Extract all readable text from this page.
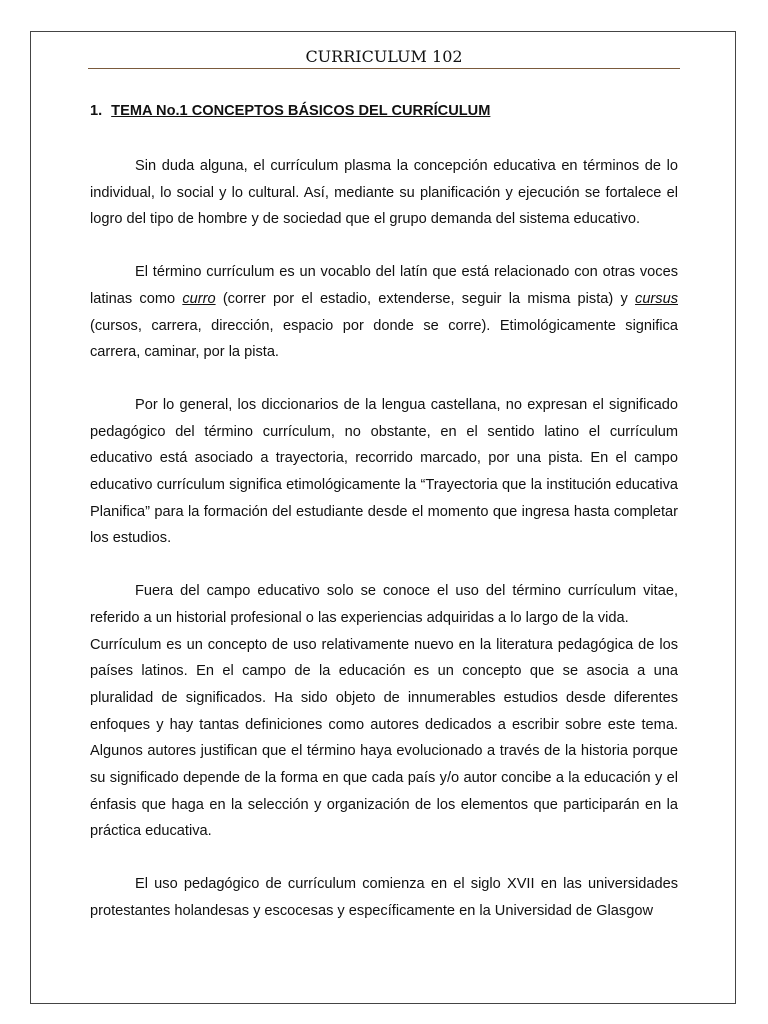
CURRICULUM 102
1. TEMA No.1 CONCEPTOS BÁSICOS DEL CURRÍCULUM

Sin duda alguna, el currículum plasma la concepción educativa en términos de lo individual, lo social y lo cultural. Así, mediante su planificación y ejecución se fortalece el logro del tipo de hombre y de sociedad que el grupo demanda del sistema educativo.

El término currículum es un vocablo del latín que está relacionado con otras voces latinas como curro (correr por el estadio, extenderse, seguir la misma pista) y cursus (cursos, carrera, dirección, espacio por donde se corre). Etimológicamente significa carrera, caminar, por la pista.

Por lo general, los diccionarios de la lengua castellana, no expresan el significado pedagógico del término currículum, no obstante, en el sentido latino el currículum educativo está asociado a trayectoria, recorrido marcado, por una pista. En el campo educativo currículum significa etimológicamente la “Trayectoria que la institución educativa Planifica” para la formación del estudiante desde el momento que ingresa hasta completar los estudios.

Fuera del campo educativo solo se conoce el uso del término currículum vitae, referido a un historial profesional o las experiencias adquiridas a lo largo de la vida.

Currículum es un concepto de uso relativamente nuevo en la literatura pedagógica de los países latinos. En el campo de la educación es un concepto que se asocia a una pluralidad de significados. Ha sido objeto de innumerables estudios desde diferentes enfoques y hay tantas definiciones como autores dedicados a escribir sobre este tema. Algunos autores justifican que el término haya evolucionado a través de la historia porque su significado depende de la forma en que cada país y/o autor concibe a la educación y el énfasis que haga en la selección y organización de los elementos que participarán en la práctica educativa.

El uso pedagógico de currículum comienza en el siglo XVII en las universidades protestantes holandesas y escocesas y específicamente en la Universidad de Glasgow
